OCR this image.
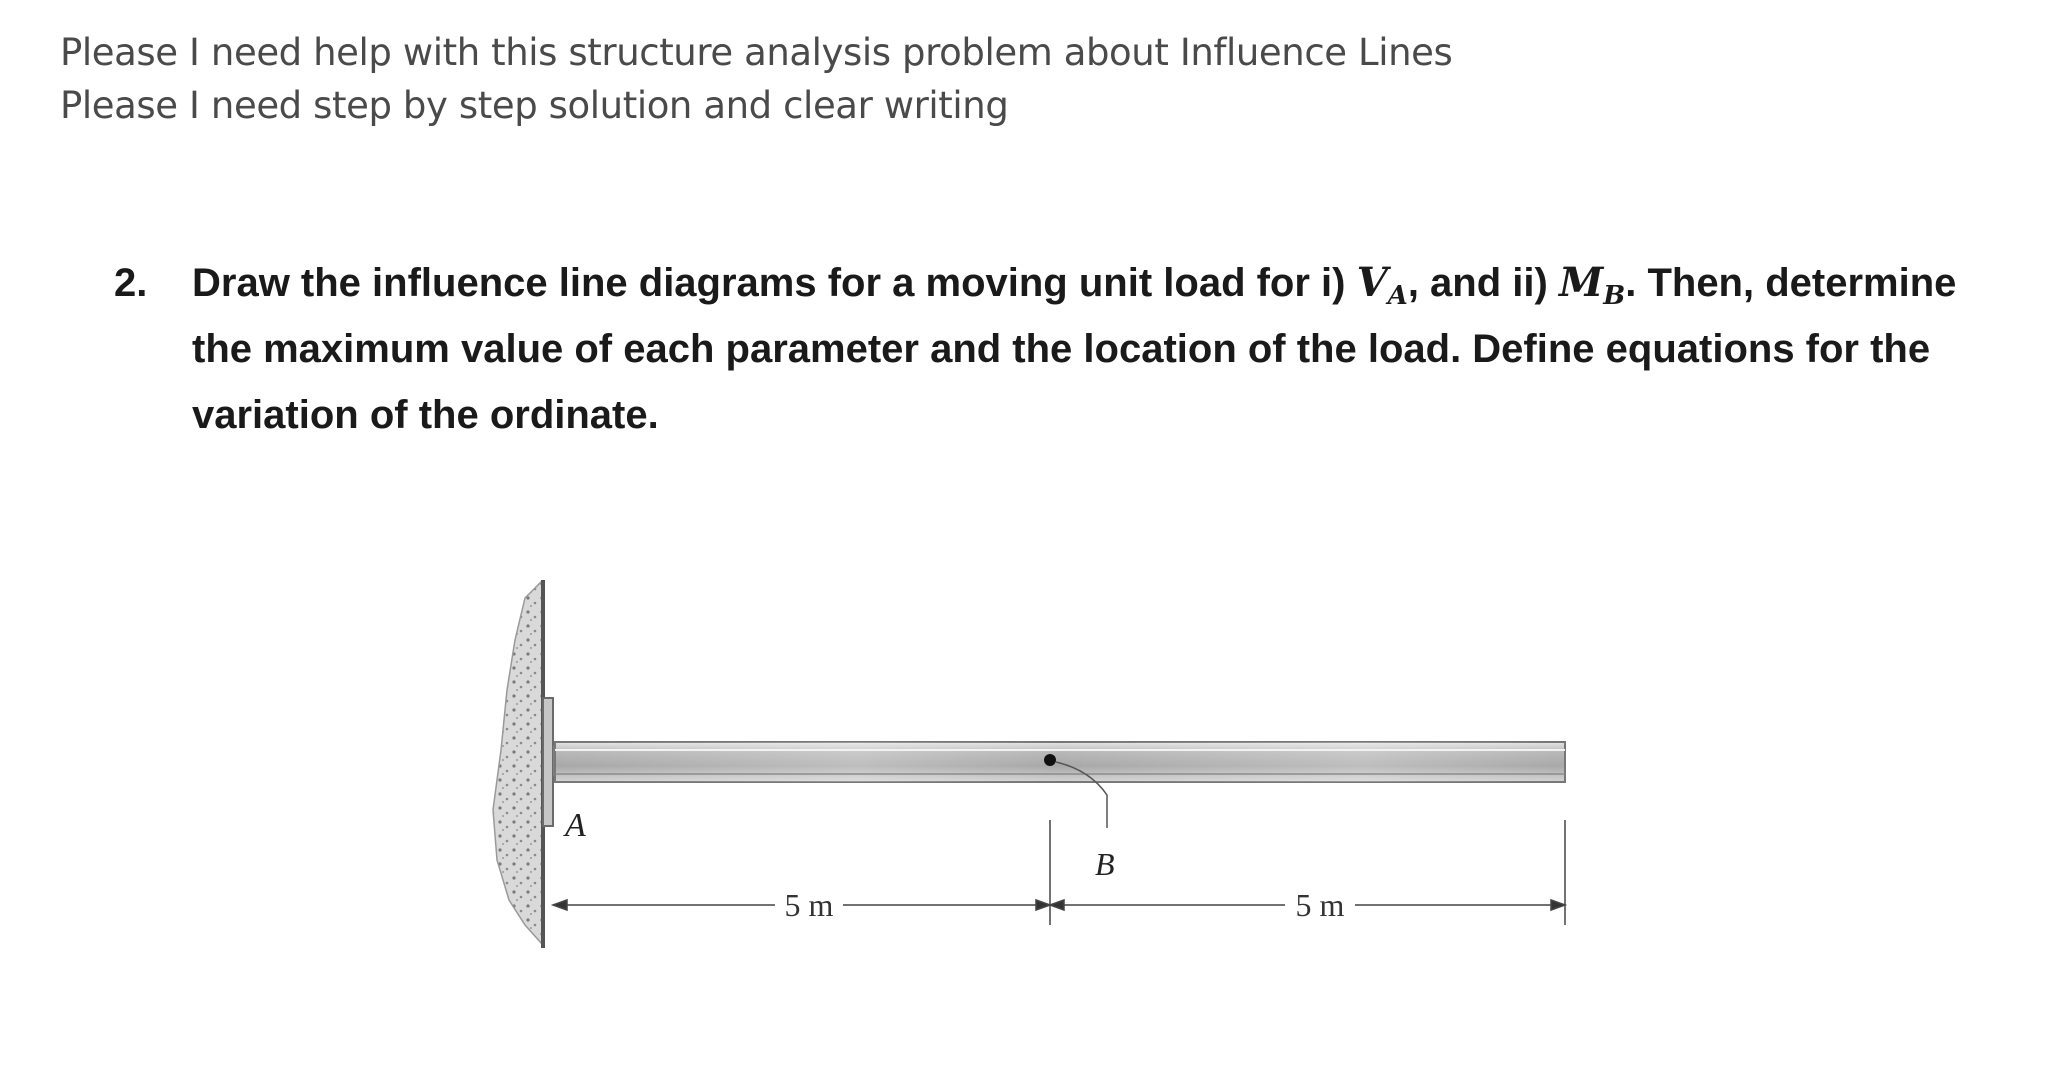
Please I need help with this structure analysis problem about Influence Lines
Please I need step by step solution and clear writing
2. Draw the influence line diagrams for a moving unit load for i) $V_A$, and ii) $M_B$. Then, determine
the maximum value of each parameter and the location of the load. Define equations for the
variation of the ordinate.
A
B
5 m	5 m
